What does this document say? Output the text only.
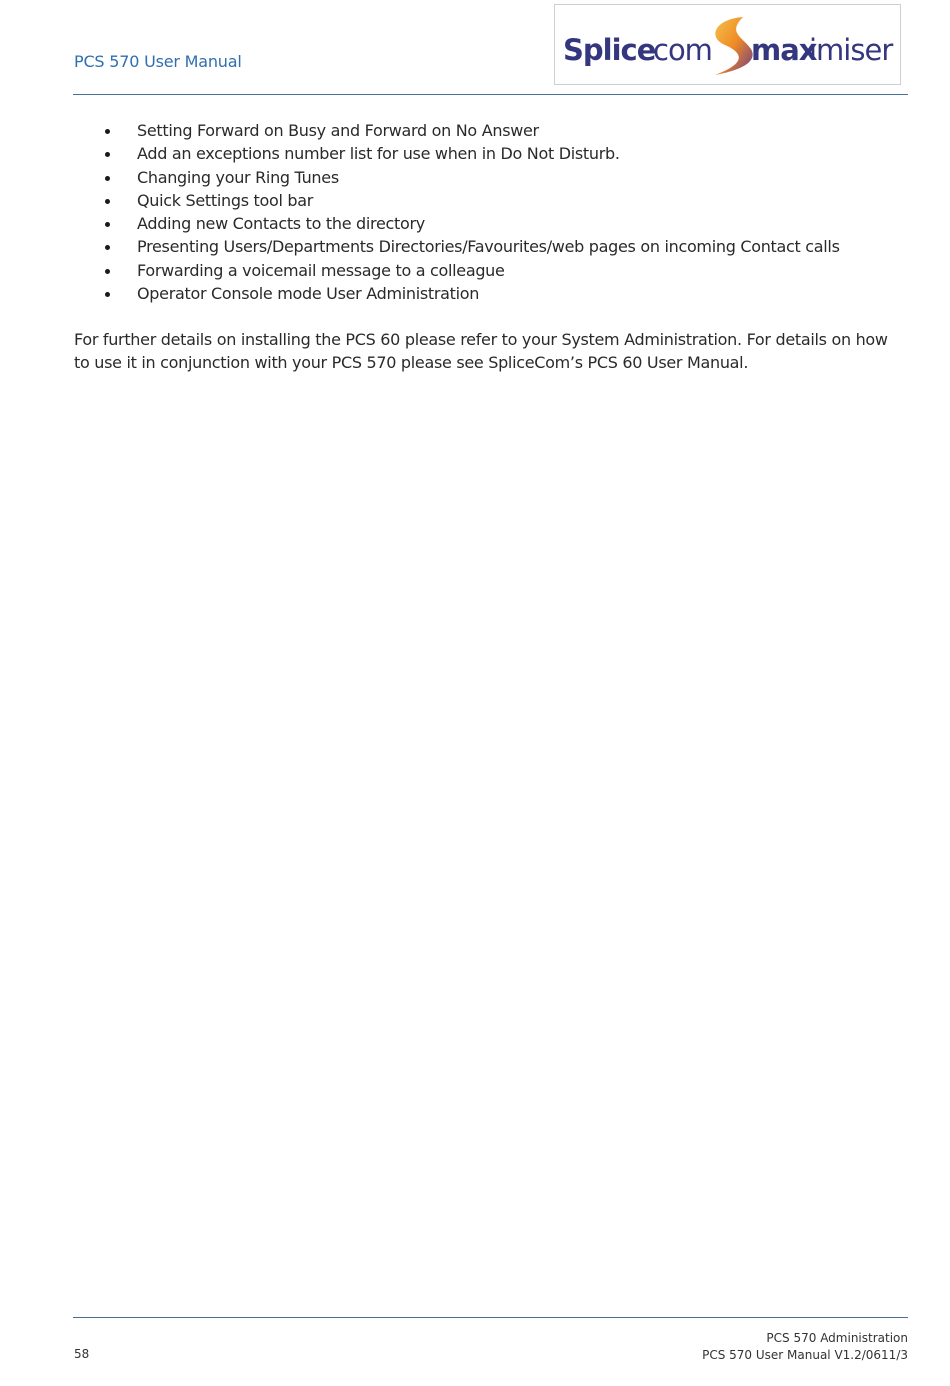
PCS 570 User Manual	Splice
com max
imiser
Setting Forward on Busy and Forward on No Answer
Add an exceptions number list for use when in Do Not Disturb.
Changing your Ring Tunes
Quick Settings tool bar
Adding new Contacts to the directory
Presenting Users/Departments Directories/Favourites/web pages on incoming Contact calls
Forwarding a voicemail message to a colleague
Operator Console mode User Administration

For further details on installing the PCS 60 please refer to your System Administration. For details on how
to use it in conjunction with your PCS 570 please see SpliceCom’s PCS 60 User Manual.

58
PCS 570 Administration
PCS 570 User Manual V1.2/0611/3
